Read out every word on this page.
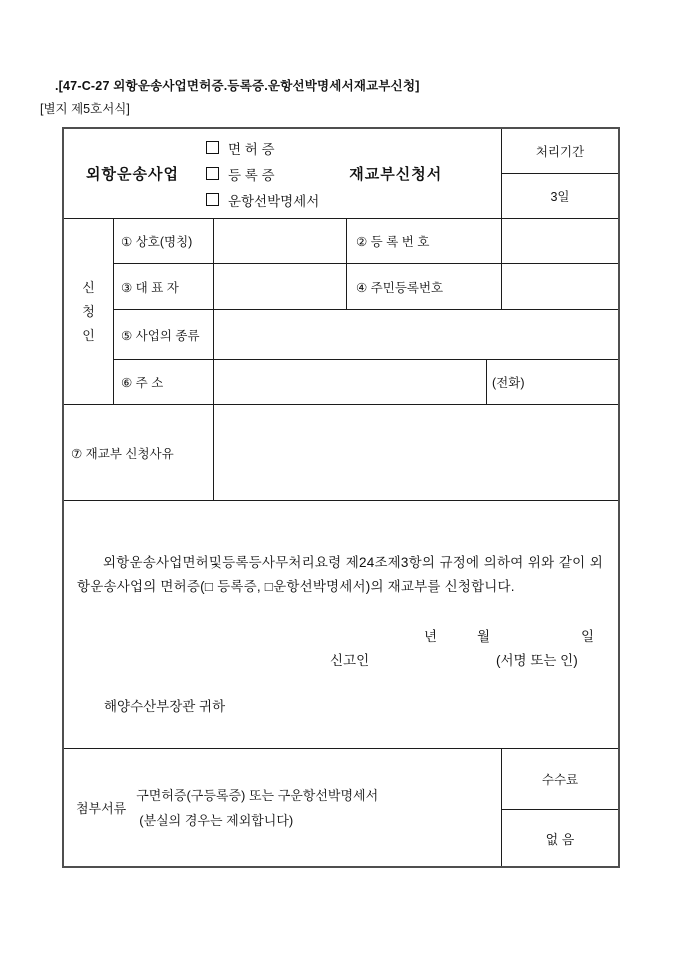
.[47-C-27 외항운송사업면허증.등록증.운항선박명세서재교부신청]
[별지 제5호서식]
외항운송사업
면 허 증
등 록 증
운항선박명세서
재교부신청서
처리기간
3일
신청인
① 상호(명칭)	② 등 록 번 호
③ 대 표 자	④ 주민등록번호
⑤ 사업의 종류
⑥ 주 소	(전화)
⑦ 재교부 신청사유
외항운송사업면허및등록등사무처리요령 제24조제3항의 규정에 의하여 위와 같이 외항운송사업의 면허증(□ 등록증, □운항선박명세서)의 재교부를 신청합니다.
년	월	일
신고인	(서명 또는 인)
해양수산부장관 귀하
첨부서류
구면허증(구등록증) 또는 구운항선박명세서
(분실의 경우는 제외합니다)
수수료
없 음
